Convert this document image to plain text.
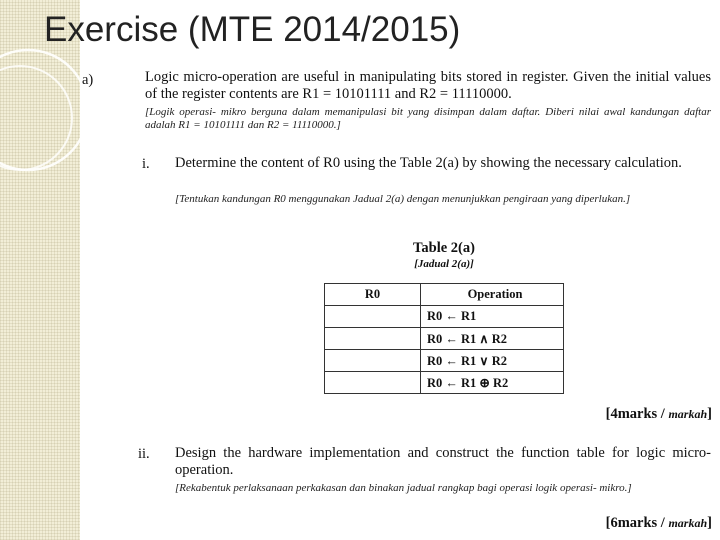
Exercise (MTE 2014/2015)
a)	Logic micro-operation are useful in manipulating bits stored in register. Given the initial values of the register contents are R1 = 10101111 and R2 = 11110000.
[Logik operasi- mikro berguna dalam memanipulasi bit yang disimpan dalam daftar. Diberi nilai awal kandungan daftar adalah R1 = 10101111 dan R2 = 11110000.]
i. Determine the content of R0 using the Table 2(a) by showing the necessary calculation.
[Tentukan kandungan R0 menggunakan Jadual 2(a) dengan menunjukkan pengiraan yang diperlukan.]
Table 2(a)
[Jadual 2(a)]
R0	Operation
	R0 ← R1
	R0 ← R1 ∧ R2
	R0 ← R1 ∨ R2
	R0 ← R1 ⊕ R2
[4marks / markah]
ii. Design the hardware implementation and construct the function table for logic micro-operation.
[Rekabentuk perlaksanaan perkakasan dan binakan jadual rangkap bagi operasi logik operasi- mikro.]
[6marks / markah]
